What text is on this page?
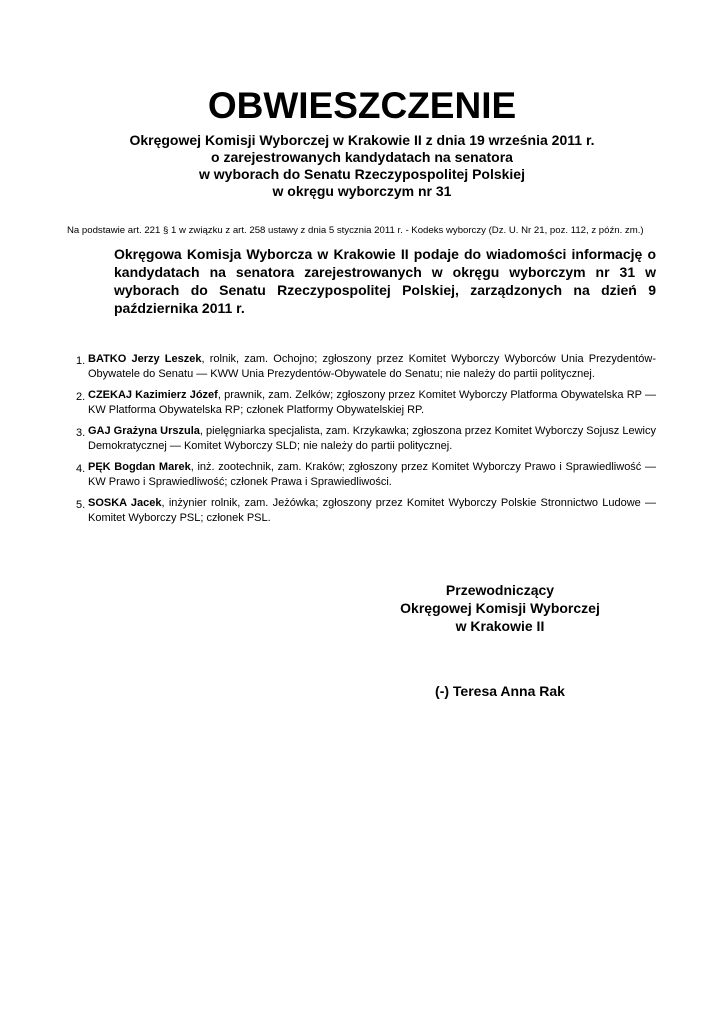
OBWIESZCZENIE
Okręgowej Komisji Wyborczej w Krakowie II z dnia 19 września 2011 r.
o zarejestrowanych kandydatach na senatora
w wyborach do Senatu Rzeczypospolitej Polskiej
w okręgu wyborczym nr 31
Na podstawie art. 221 § 1 w związku z art. 258 ustawy z dnia 5 stycznia 2011 r. - Kodeks wyborczy (Dz. U. Nr 21, poz. 112, z późn. zm.)
Okręgowa Komisja Wyborcza w Krakowie II podaje do wiadomości informację o kandydatach na senatora zarejestrowanych w okręgu wyborczym nr 31 w wyborach do Senatu Rzeczypospolitej Polskiej, zarządzonych na dzień 9 października 2011 r.
1. BATKO Jerzy Leszek, rolnik, zam. Ochojno; zgłoszony przez Komitet Wyborczy Wyborców Unia Prezydentów-Obywatele do Senatu — KWW Unia Prezydentów-Obywatele do Senatu; nie należy do partii politycznej.
2. CZEKAJ Kazimierz Józef, prawnik, zam. Zelków; zgłoszony przez Komitet Wyborczy Platforma Obywatelska RP — KW Platforma Obywatelska RP; członek Platformy Obywatelskiej RP.
3. GAJ Grażyna Urszula, pielęgniarka specjalista, zam. Krzykawka; zgłoszona przez Komitet Wyborczy Sojusz Lewicy Demokratycznej — Komitet Wyborczy SLD; nie należy do partii politycznej.
4. PĘK Bogdan Marek, inż. zootechnik, zam. Kraków; zgłoszony przez Komitet Wyborczy Prawo i Sprawiedliwość — KW Prawo i Sprawiedliwość; członek Prawa i Sprawiedliwości.
5. SOSKA Jacek, inżynier rolnik, zam. Jeżówka; zgłoszony przez Komitet Wyborczy Polskie Stronnictwo Ludowe — Komitet Wyborczy PSL; członek PSL.
Przewodniczący
Okręgowej Komisji Wyborczej
w Krakowie II
(-) Teresa Anna Rak
